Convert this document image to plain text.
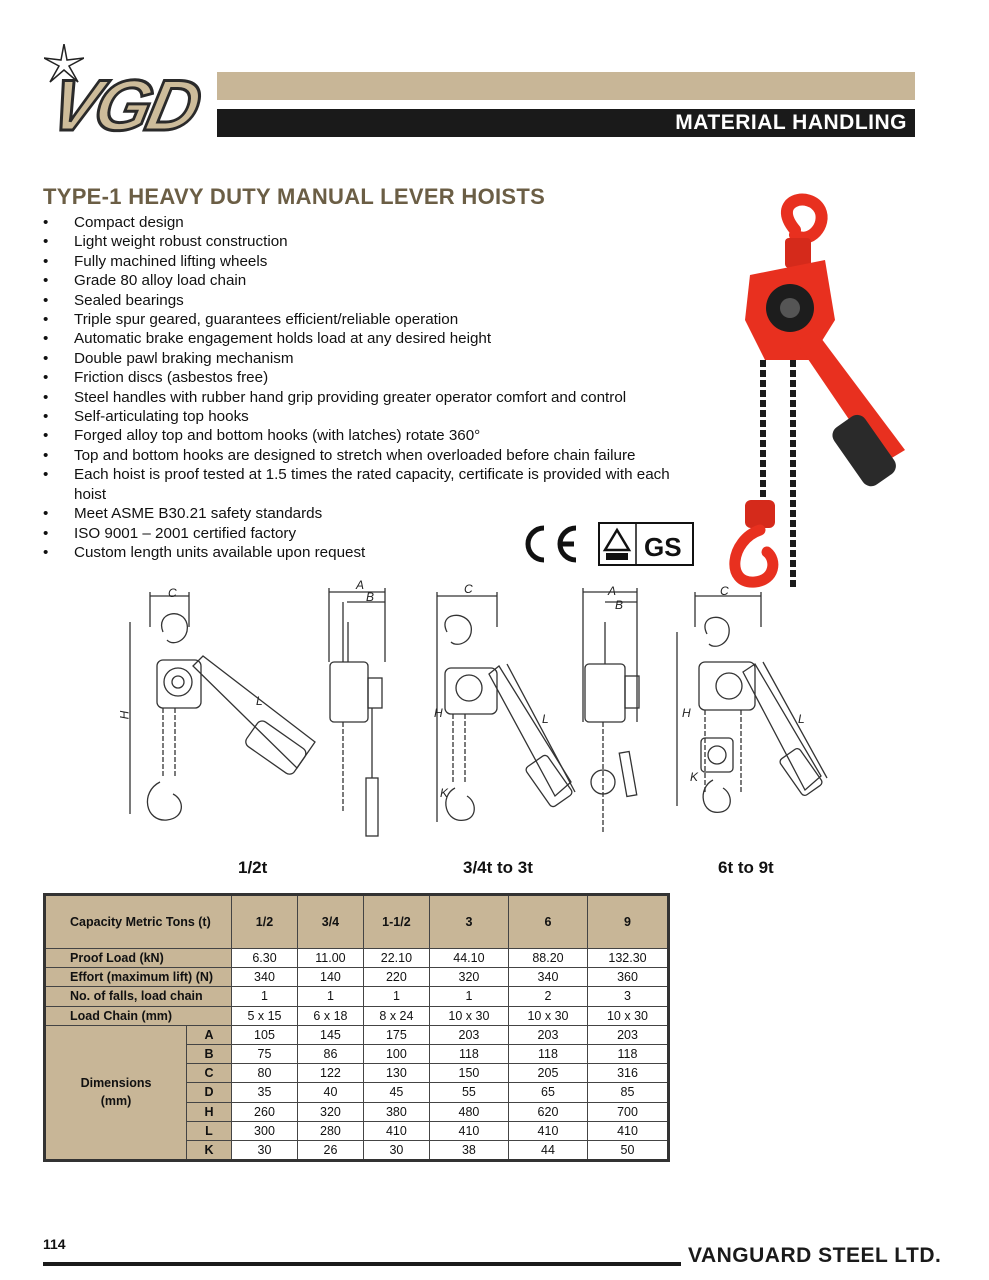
VGD	MATERIAL HANDLING
TYPE-1 HEAVY DUTY MANUAL LEVER HOISTS
• Compact design
• Light weight robust construction
• Fully machined lifting wheels
• Grade 80 alloy load chain
• Sealed bearings
• Triple spur geared, guarantees efficient/reliable operation
• Automatic brake engagement holds load at any desired height
• Double pawl braking mechanism
• Friction discs (asbestos free)
• Steel handles with rubber hand grip providing greater operator comfort and control
• Self-articulating top hooks
• Forged alloy top and bottom hooks (with latches) rotate 360°
• Top and bottom hooks are designed to stretch when overloaded before chain failure
• Each hoist is proof tested at 1.5 times the rated capacity, certificate is provided with each hoist
• Meet ASME B30.21 safety standards
• ISO 9001 – 2001 certified factory
• Custom length units available upon request
CE
GS
C
H
L
A
B
C
H	L
K
A
B
C
H	L
K
1/2t	3/4t to 3t	6t to 9t
Capacity Metric Tons (t)		1/2	3/4	1-1/2	3	6	9
Proof Load (kN)		6.30	11.00	22.10	44.10	88.20	132.30
Effort (maximum lift) (N)		340	140	220	320	340	360
No. of falls, load chain		1	1	1	1	2	3
Load Chain (mm)		5 x 15	6 x 18	8 x 24	10 x 30	10 x 30	10 x 30
Dimensions
(mm)	A	105	145	175	203	203	203
	B	75	86	100	118	118	118
	C	80	122	130	150	205	316
	D	35	40	45	55	65	85
	H	260	320	380	480	620	700
	L	300	280	410	410	410	410
	K	30	26	30	38	44	50
114	VANGUARD STEEL LTD.
